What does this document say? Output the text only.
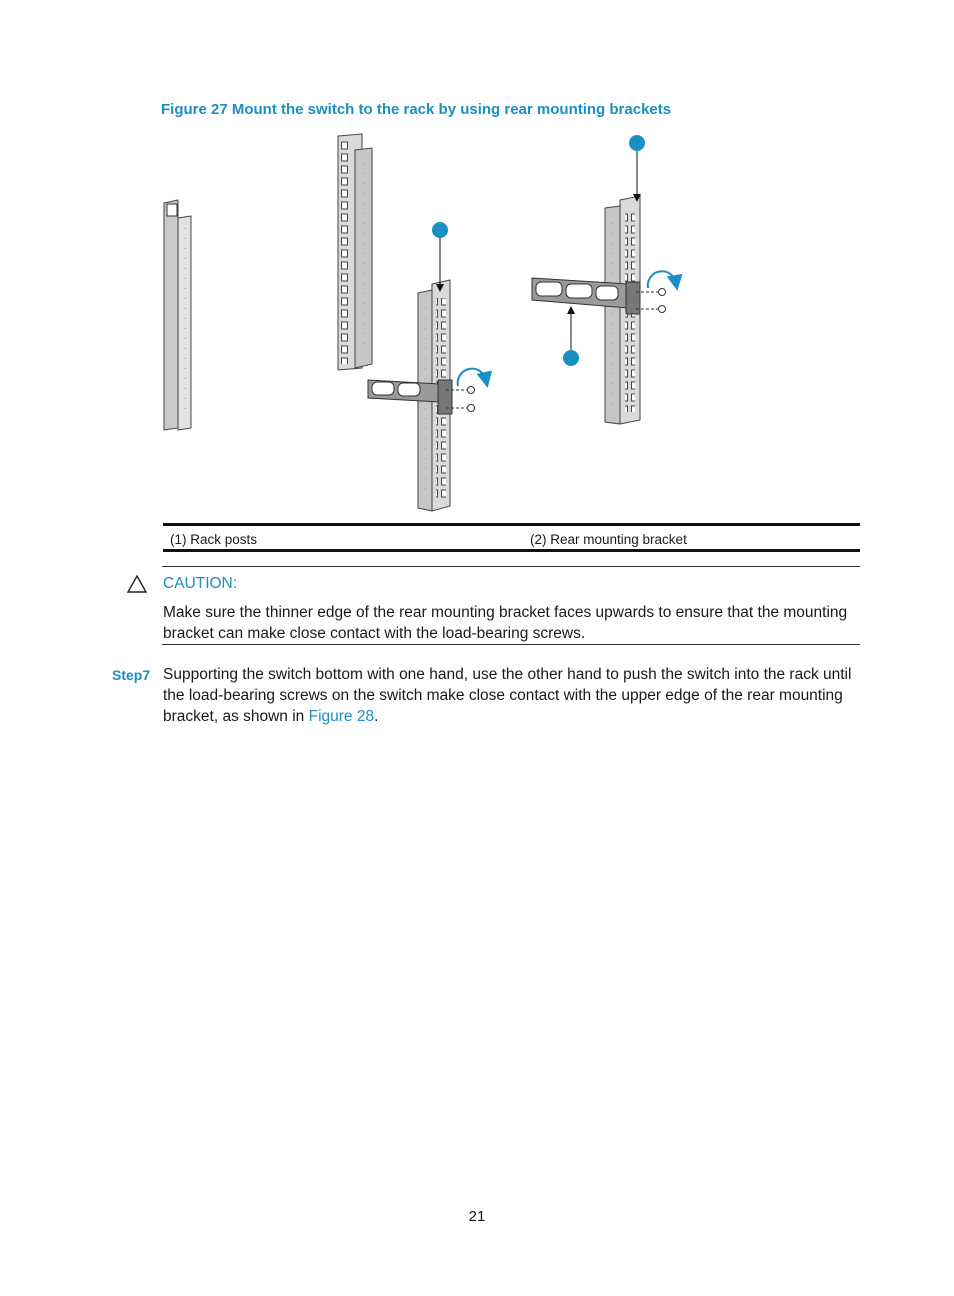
Figure 27 Mount the switch to the rack by using rear mounting brackets
(1) Rack posts	(2) Rear mounting bracket
CAUTION:
Make sure the thinner edge of the rear mounting bracket faces upwards to ensure that the mounting bracket can make close contact with the load-bearing screws.
Step7 Supporting the switch bottom with one hand, use the other hand to push the switch into the rack until the load-bearing screws on the switch make close contact with the upper edge of the rear mounting bracket, as shown in Figure 28.
21
